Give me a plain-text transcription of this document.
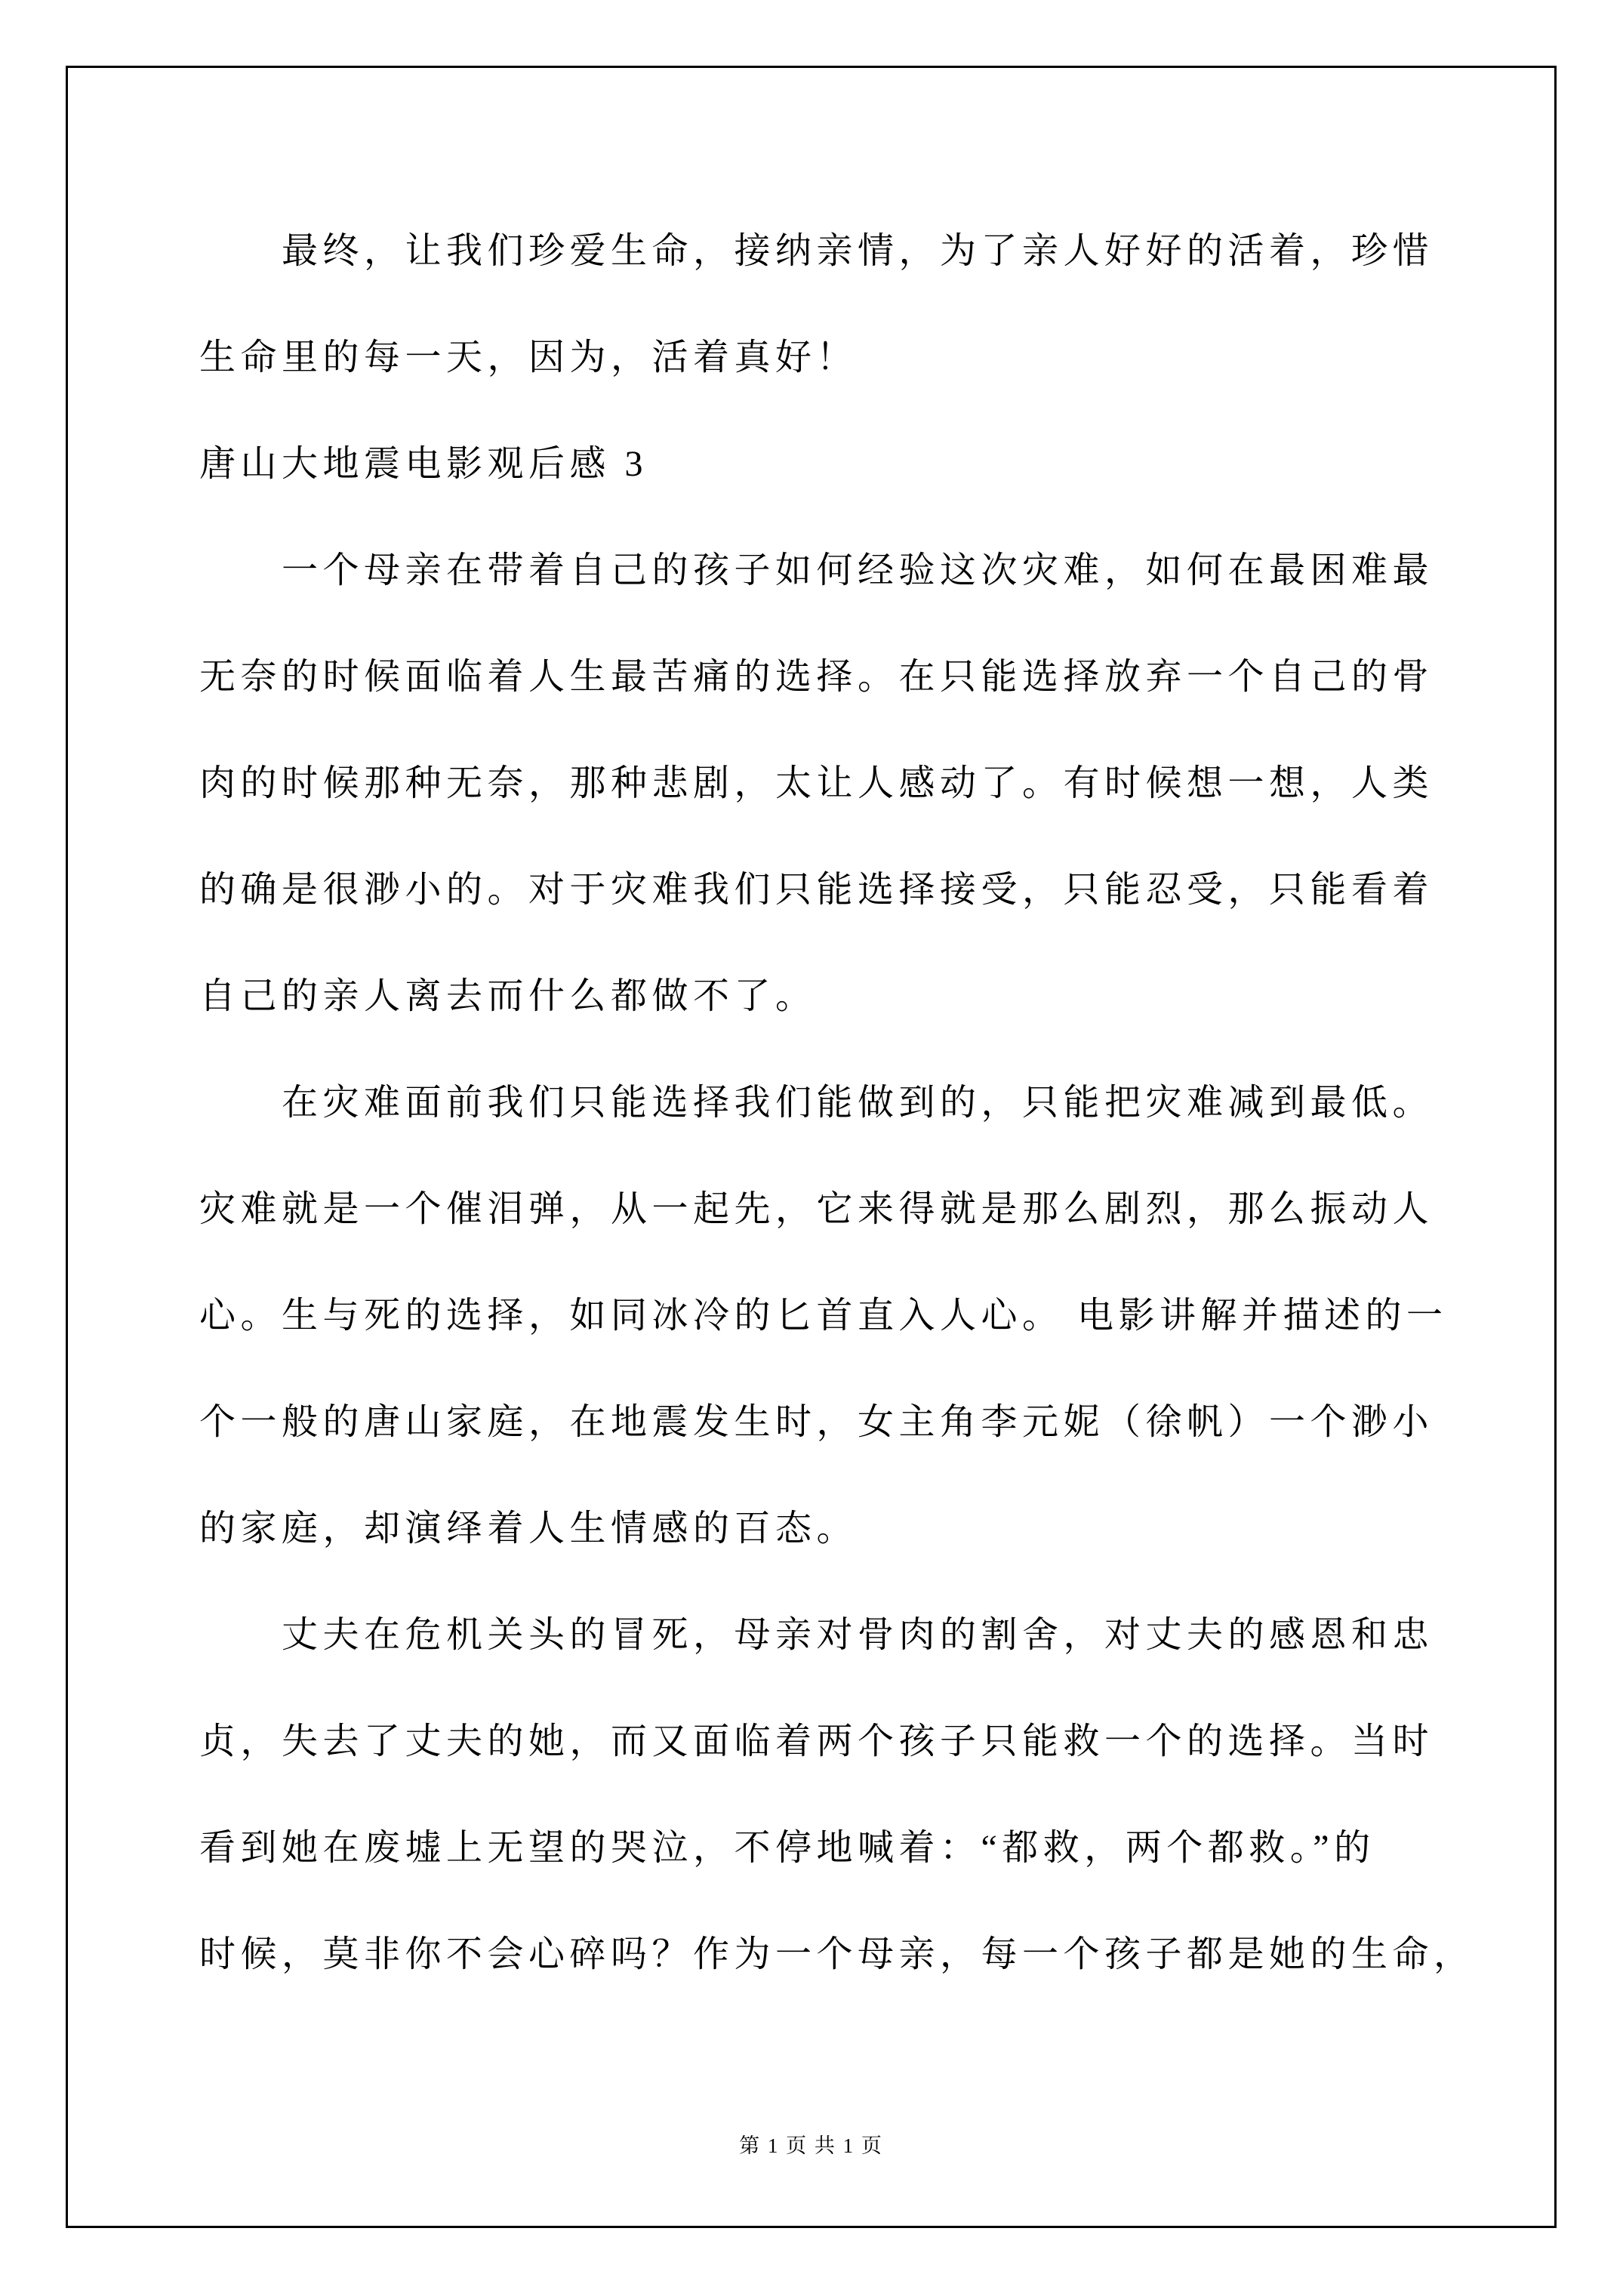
最终，让我们珍爱生命，接纳亲情，为了亲人好好的活着，珍惜
生命里的每一天，因为，活着真好！
唐山大地震电影观后感 3
一个母亲在带着自己的孩子如何经验这次灾难，如何在最困难最
无奈的时候面临着人生最苦痛的选择。在只能选择放弃一个自己的骨
肉的时候那种无奈，那种悲剧，太让人感动了。有时候想一想，人类
的确是很渺小的。对于灾难我们只能选择接受，只能忍受，只能看着
自己的亲人离去而什么都做不了。
在灾难面前我们只能选择我们能做到的，只能把灾难减到最低。
灾难就是一个催泪弹，从一起先，它来得就是那么剧烈，那么振动人
心。生与死的选择，如同冰冷的匕首直入人心。 电影讲解并描述的一
个一般的唐山家庭，在地震发生时，女主角李元妮（徐帆）一个渺小
的家庭，却演绎着人生情感的百态。
丈夫在危机关头的冒死，母亲对骨肉的割舍，对丈夫的感恩和忠
贞，失去了丈夫的她，而又面临着两个孩子只能救一个的选择。当时
看到她在废墟上无望的哭泣，不停地喊着：“都救，两个都救。”的
时候，莫非你不会心碎吗？作为一个母亲，每一个孩子都是她的生命，
第 1 页 共 1 页
